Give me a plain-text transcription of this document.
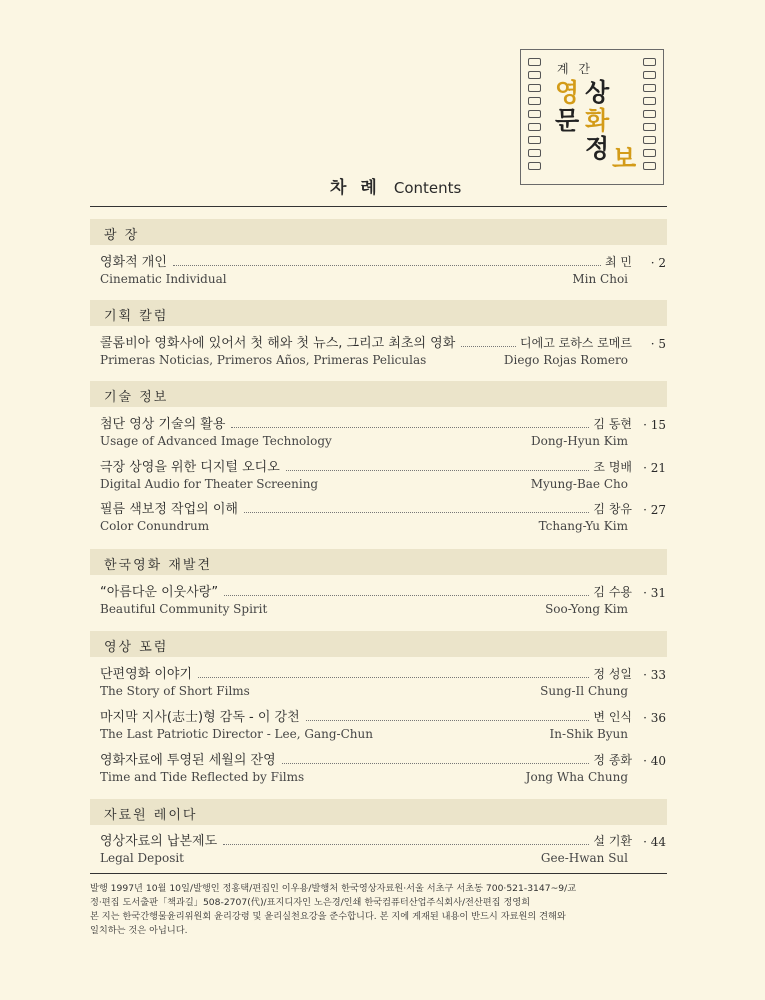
계 간
영 상
문 화
정 보
차 례 Contents
광 장
기획 칼럼
기술 정보
한국영화 재발견
영상 포럼
자료원 레이다
영화적 개인	최 민	· 2
Cinematic Individual	Min Choi
콜롬비아 영화사에 있어서 첫 해와 첫 뉴스, 그리고 최초의 영화	디에고 로하스 로메르	· 5
Primeras Noticias, Primeros Años, Primeras Peliculas	Diego Rojas Romero
첨단 영상 기술의 활용	김 동현 · 15
Usage of Advanced Image Technology	Dong-Hyun Kim
극장 상영을 위한 디지털 오디오	조 명배 · 21
Digital Audio for Theater Screening	Myung-Bae Cho
필름 색보정 작업의 이해	김 창유 · 27
Color Conundrum	Tchang-Yu Kim
“아름다운 이웃사랑”	김 수용 · 31
Beautiful Community Spirit	Soo-Yong Kim
단편영화 이야기	정 성일 · 33
The Story of Short Films	Sung-Il Chung
마지막 지사(志士)형 감독 - 이 강천	변 인식 · 36
The Last Patriotic Director - Lee, Gang-Chun	In-Shik Byun
영화자료에 투영된 세월의 잔영	정 종화 · 40
Time and Tide Reflected by Films	Jong Wha Chung
영상자료의 납본제도	설 기환 · 44
Legal Deposit	Gee-Hwan Sul
발행 1997년 10월 10일/발행인 정홍택/편집인 이우용/발행처 한국영상자료원·서울 서초구 서초동 700·521-3147~9/교
정·편집 도서출판「책과길」508-2707(代)/표지디자인 노은경/인쇄 한국컴퓨터산업주식회사/전산편집 정영희
본 지는 한국간행물윤리위원회 윤리강령 및 윤리실천요강을 준수합니다. 본 지에 게재된 내용이 반드시 자료원의 견해와
일치하는 것은 아닙니다.
